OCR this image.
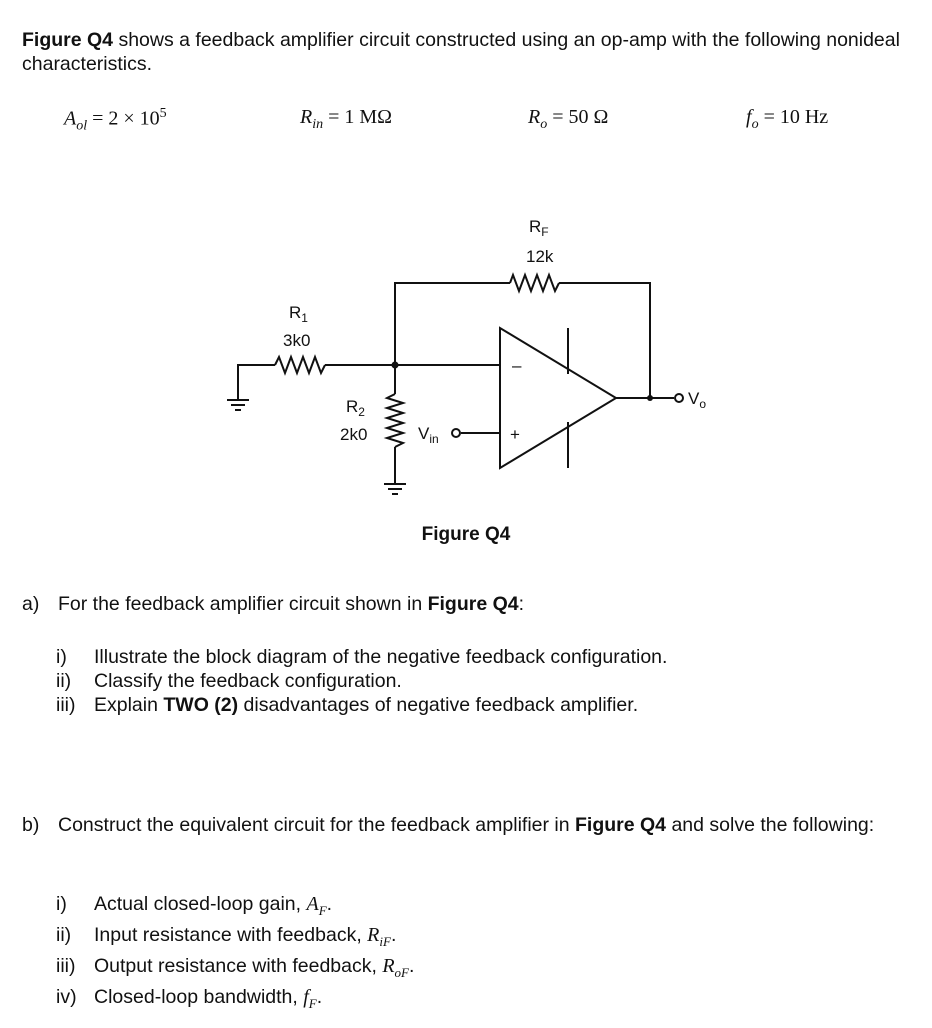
Figure Q4 shows a feedback amplifier circuit constructed using an op-amp with the following nonideal characteristics.

$A_{ol} = 2 \times 10^5$	$R_{in} = 1$ MΩ	$R_o = 50$ Ω	$f_o = 10$ Hz
$R_F$
12k
$R_1$
3k0
$R_2$
2k0	$V_{in}$
$V_o$
–
+
Figure Q4

a) For the feedback amplifier circuit shown in Figure Q4:

i) Illustrate the block diagram of the negative feedback configuration.
ii) Classify the feedback configuration.
iii) Explain TWO (2) disadvantages of negative feedback amplifier.

b) Construct the equivalent circuit for the feedback amplifier in Figure Q4 and solve the following:

i) Actual closed-loop gain, $A_F$.
ii) Input resistance with feedback, $R_{iF}$.
iii) Output resistance with feedback, $R_{oF}$.
iv) Closed-loop bandwidth, $f_F$.
